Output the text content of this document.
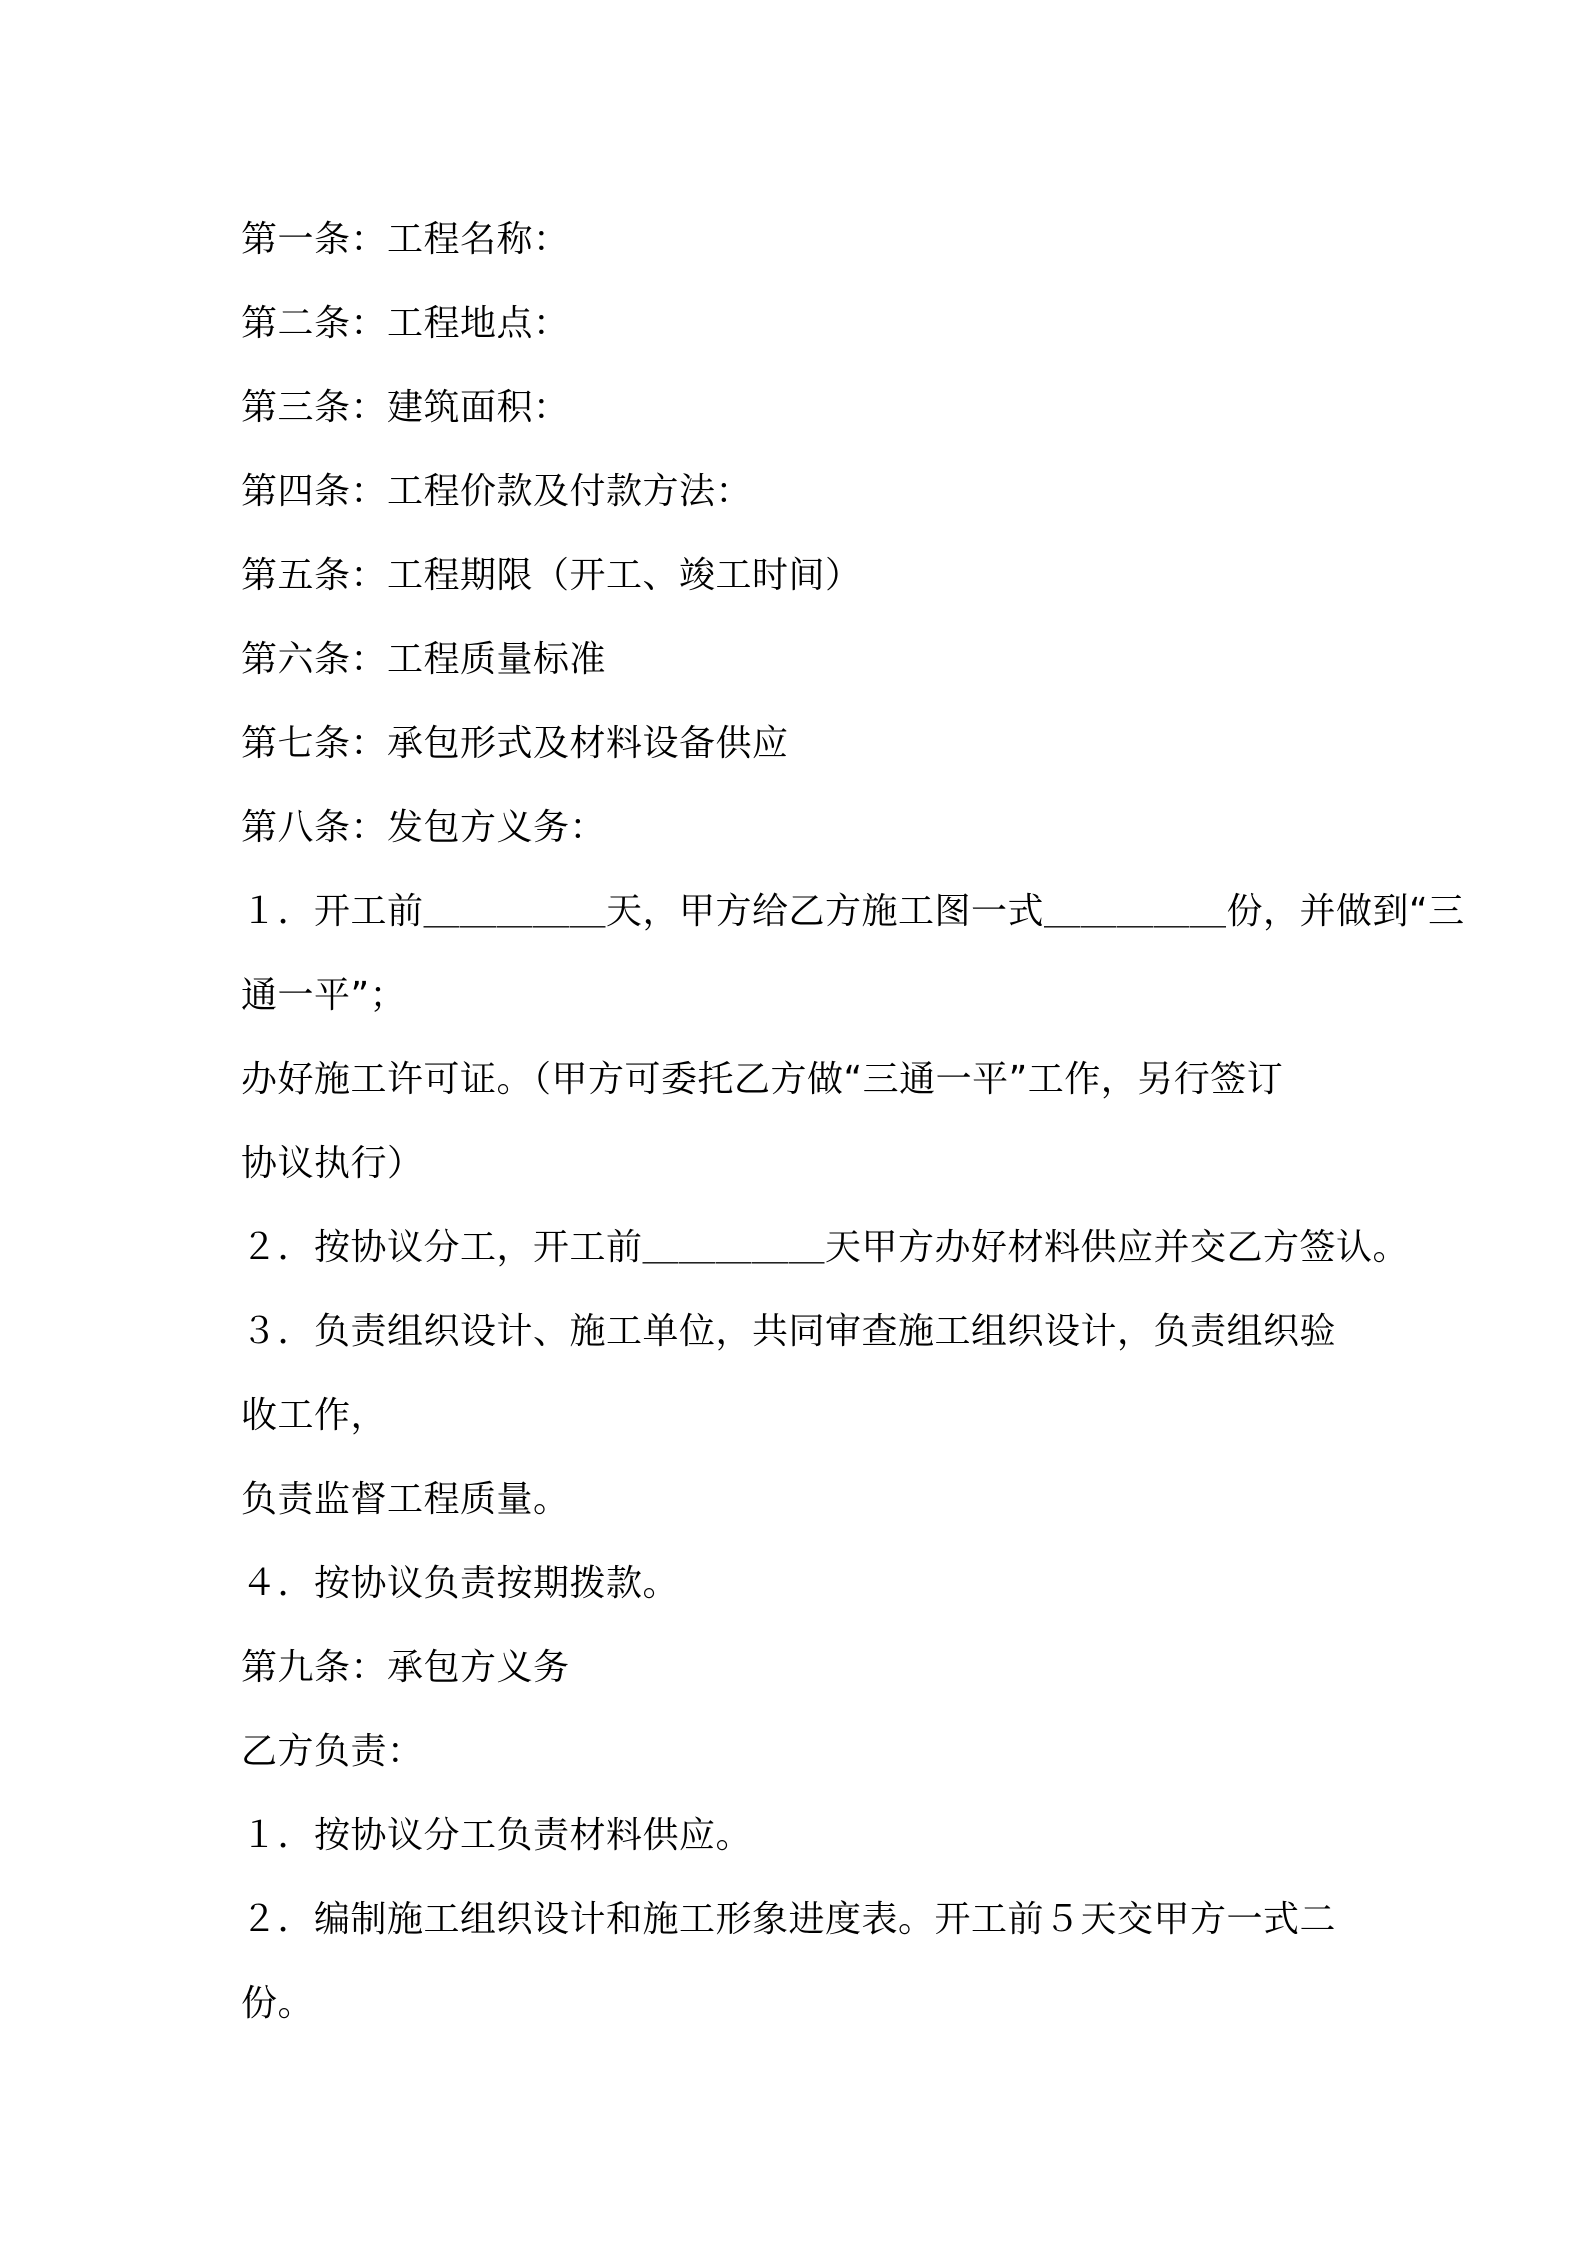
第一条：工程名称：
第二条：工程地点：
第三条：建筑面积：
第四条：工程价款及付款方法：
第五条：工程期限（开工、竣工时间）
第六条：工程质量标准
第七条：承包形式及材料设备供应
第八条：发包方义务：
１．开工前＿＿＿＿＿天，甲方给乙方施工图一式＿＿＿＿＿份，并做到“三
通一平”；
办好施工许可证。（甲方可委托乙方做“三通一平”工作，另行签订
协议执行）
２．按协议分工，开工前＿＿＿＿＿天甲方办好材料供应并交乙方签认。
３．负责组织设计、施工单位，共同审查施工组织设计，负责组织验
收工作，
负责监督工程质量。
４．按协议负责按期拨款。
第九条：承包方义务
乙方负责：
１．按协议分工负责材料供应。
２．编制施工组织设计和施工形象进度表。开工前５天交甲方一式二
份。
